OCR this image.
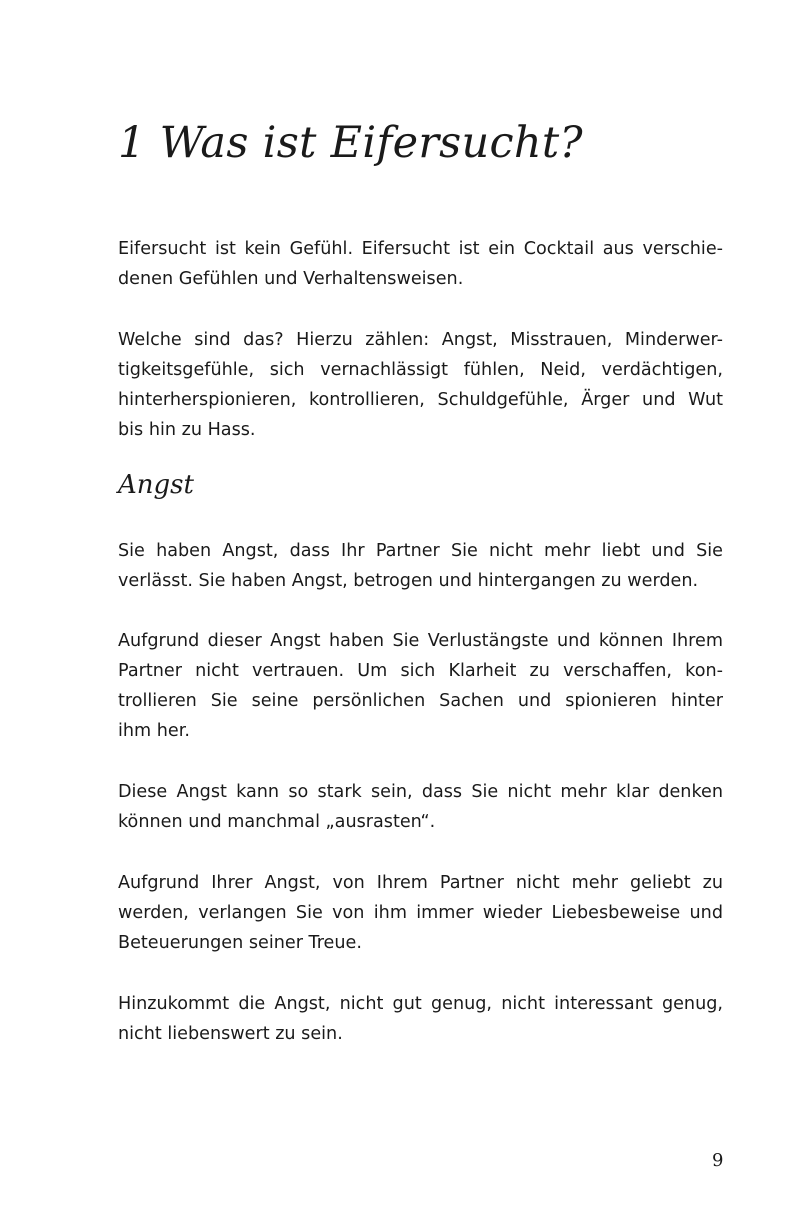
1 Was ist Eifersucht?
Angst
Eifersucht ist kein Gefühl. Eifersucht ist ein Cocktail aus verschie-
denen Gefühlen und Verhaltensweisen.
Welche sind das? Hierzu zählen: Angst, Misstrauen, Minderwer-
tigkeitsgefühle, sich vernachlässigt fühlen, Neid, verdächtigen,
hinterherspionieren, kontrollieren, Schuldgefühle, Ärger und Wut
bis hin zu Hass.
Sie haben Angst, dass Ihr Partner Sie nicht mehr liebt und Sie
verlässt. Sie haben Angst, betrogen und hintergangen zu werden.
Aufgrund dieser Angst haben Sie Verlustängste und können Ihrem
Partner nicht vertrauen. Um sich Klarheit zu verschaffen, kon-
trollieren Sie seine persönlichen Sachen und spionieren hinter
ihm her.
Diese Angst kann so stark sein, dass Sie nicht mehr klar denken
können und manchmal „ausrasten“.
Aufgrund Ihrer Angst, von Ihrem Partner nicht mehr geliebt zu
werden, verlangen Sie von ihm immer wieder Liebesbeweise und
Beteuerungen seiner Treue.
Hinzukommt die Angst, nicht gut genug, nicht interessant genug,
nicht liebenswert zu sein.
9
